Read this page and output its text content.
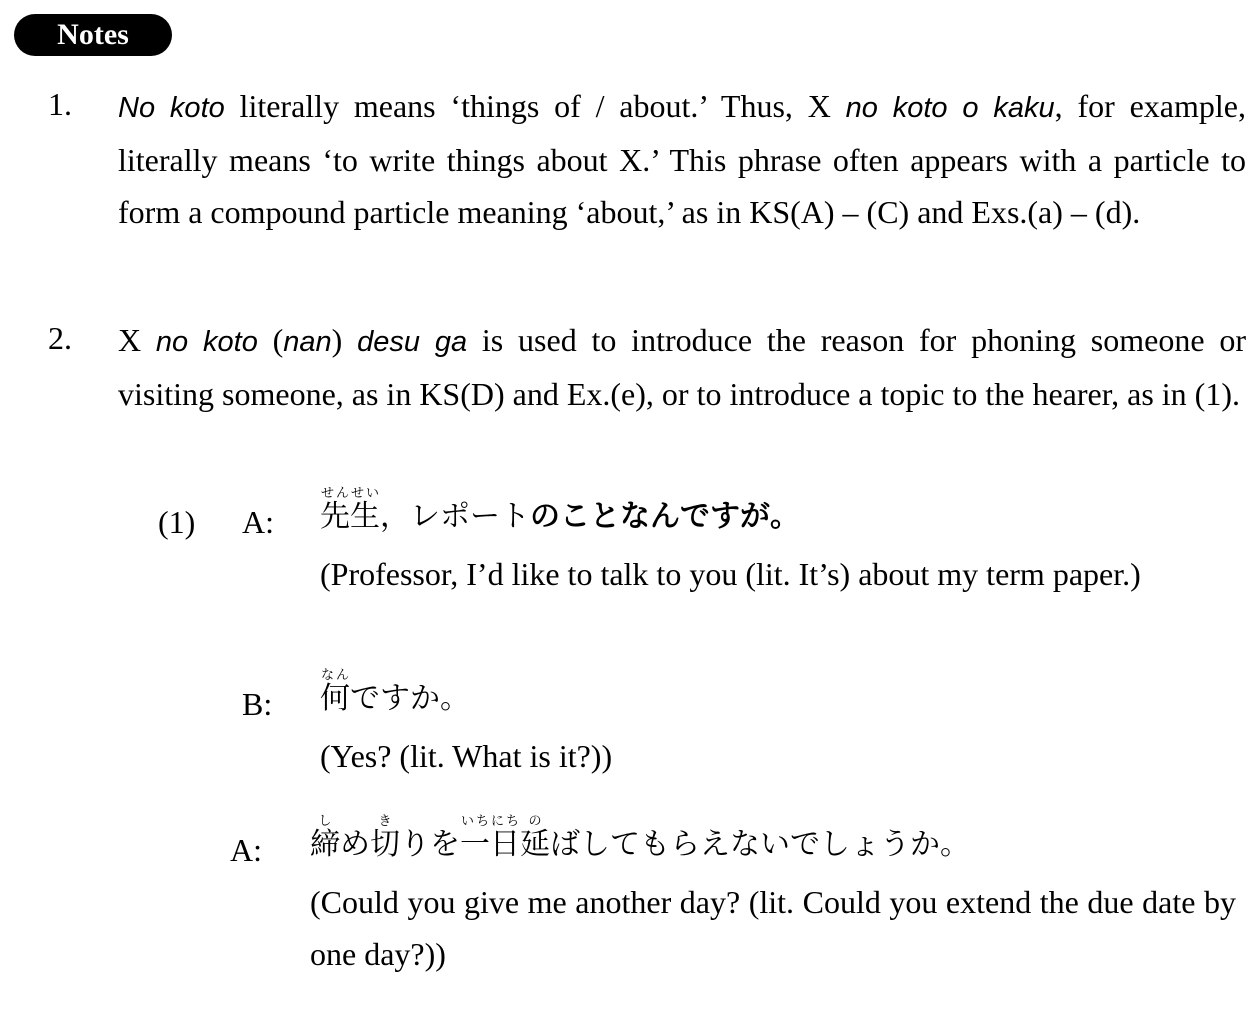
Notes
1. No koto literally means ‘things of / about.’ Thus, X no koto o kaku, for example, literally means ‘to write things about X.’ This phrase often appears with a particle to form a compound particle meaning ‘about,’ as in KS(A) – (C) and Exs.(a) – (d).
2. X no koto (nan) desu ga is used to introduce the reason for phoning someone or visiting someone, as in KS(D) and Ex.(e), or to introduce a topic to the hearer, as in (1).
(1) A: 先生せんせい，レポートのことなんですが。
(Professor, I’d like to talk to you (lit. It’s) about my term paper.)
B: 何なんですか。
(Yes? (lit. What is it?))
A: 締しめ切きりを一日いちにち延のばしてもらえないでしょうか。
(Could you give me another day? (lit. Could you extend the due date by one day?))
